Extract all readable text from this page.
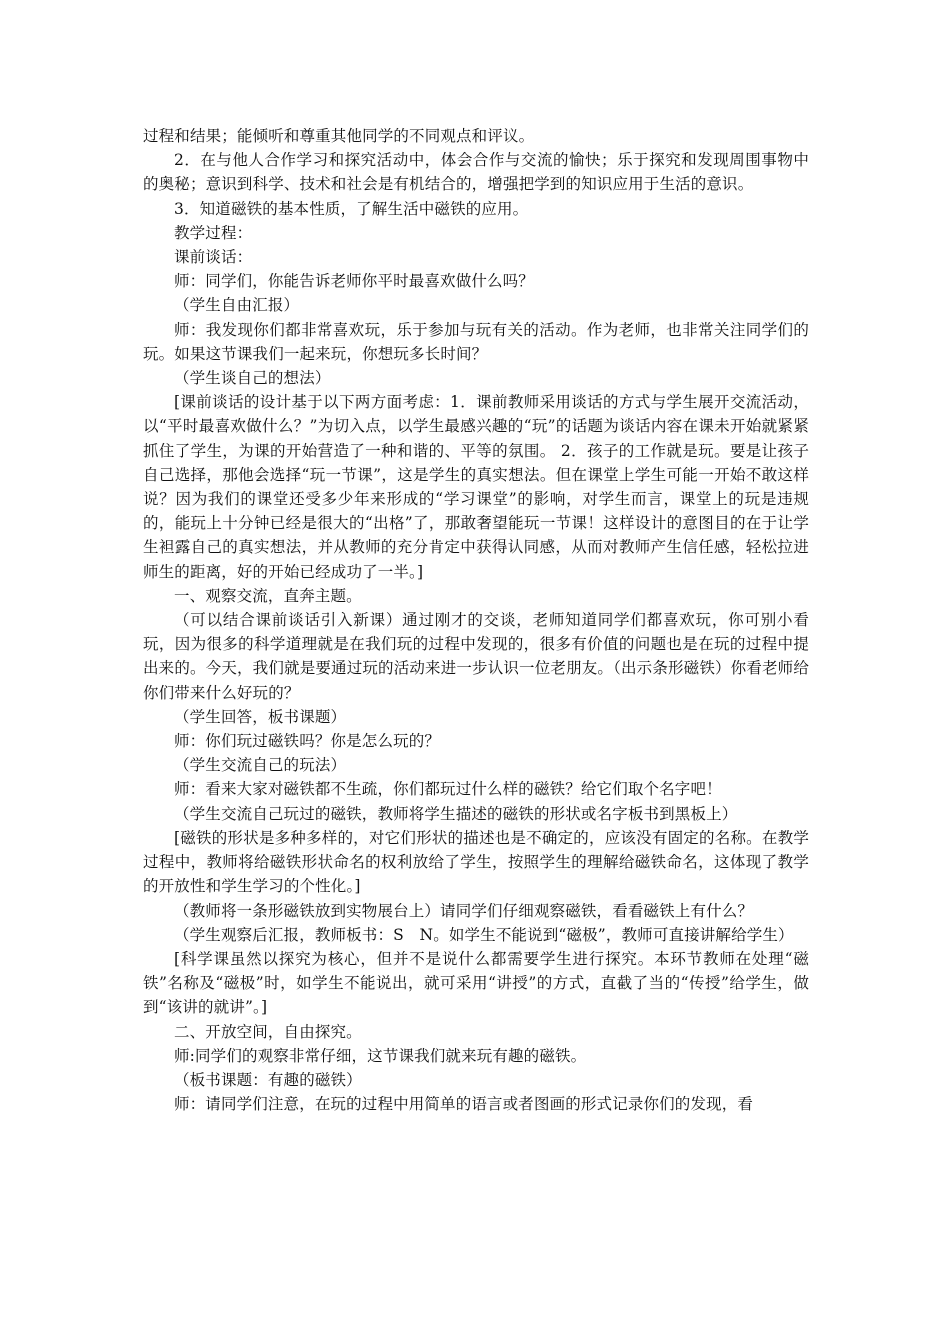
过程和结果；能倾听和尊重其他同学的不同观点和评议。

2．在与他人合作学习和探究活动中，体会合作与交流的愉快；乐于探究和发现周围事物中的奥秘；意识到科学、技术和社会是有机结合的，增强把学到的知识应用于生活的意识。

3．知道磁铁的基本性质，了解生活中磁铁的应用。

教学过程：

课前谈话：

师：同学们，你能告诉老师你平时最喜欢做什么吗？

（学生自由汇报）

师：我发现你们都非常喜欢玩，乐于参加与玩有关的活动。作为老师，也非常关注同学们的玩。如果这节课我们一起来玩，你想玩多长时间？

（学生谈自己的想法）

[课前谈话的设计基于以下两方面考虑：1．课前教师采用谈话的方式与学生展开交流活动，以“平时最喜欢做什么？”为切入点，以学生最感兴趣的“玩”的话题为谈话内容在课未开始就紧紧抓住了学生，为课的开始营造了一种和谐的、平等的氛围。 2．孩子的工作就是玩。要是让孩子自己选择，那他会选择“玩一节课”，这是学生的真实想法。但在课堂上学生可能一开始不敢这样说？因为我们的课堂还受多少年来形成的“学习课堂”的影响，对学生而言，课堂上的玩是违规的，能玩上十分钟已经是很大的“出格”了，那敢奢望能玩一节课！这样设计的意图目的在于让学生袒露自己的真实想法，并从教师的充分肯定中获得认同感，从而对教师产生信任感，轻松拉进师生的距离，好的开始已经成功了一半。]

一、观察交流，直奔主题。

（可以结合课前谈话引入新课）通过刚才的交谈，老师知道同学们都喜欢玩，你可别小看玩，因为很多的科学道理就是在我们玩的过程中发现的，很多有价值的问题也是在玩的过程中提出来的。今天，我们就是要通过玩的活动来进一步认识一位老朋友。（出示条形磁铁）你看老师给你们带来什么好玩的？

（学生回答，板书课题）

师：你们玩过磁铁吗？你是怎么玩的？

（学生交流自己的玩法）

师：看来大家对磁铁都不生疏，你们都玩过什么样的磁铁？给它们取个名字吧！

（学生交流自己玩过的磁铁，教师将学生描述的磁铁的形状或名字板书到黑板上）

[磁铁的形状是多种多样的，对它们形状的描述也是不确定的，应该没有固定的名称。在教学过程中，教师将给磁铁形状命名的权利放给了学生，按照学生的理解给磁铁命名，这体现了教学的开放性和学生学习的个性化。]

（教师将一条形磁铁放到实物展台上）请同学们仔细观察磁铁，看看磁铁上有什么？

（学生观察后汇报，教师板书：S　N。如学生不能说到“磁极”，教师可直接讲解给学生）

[科学课虽然以探究为核心，但并不是说什么都需要学生进行探究。本环节教师在处理“磁铁”名称及“磁极”时，如学生不能说出，就可采用“讲授”的方式，直截了当的“传授”给学生，做到“该讲的就讲”。]

二、开放空间，自由探究。

师:同学们的观察非常仔细，这节课我们就来玩有趣的磁铁。

（板书课题：有趣的磁铁）

师：请同学们注意，在玩的过程中用简单的语言或者图画的形式记录你们的发现，看
